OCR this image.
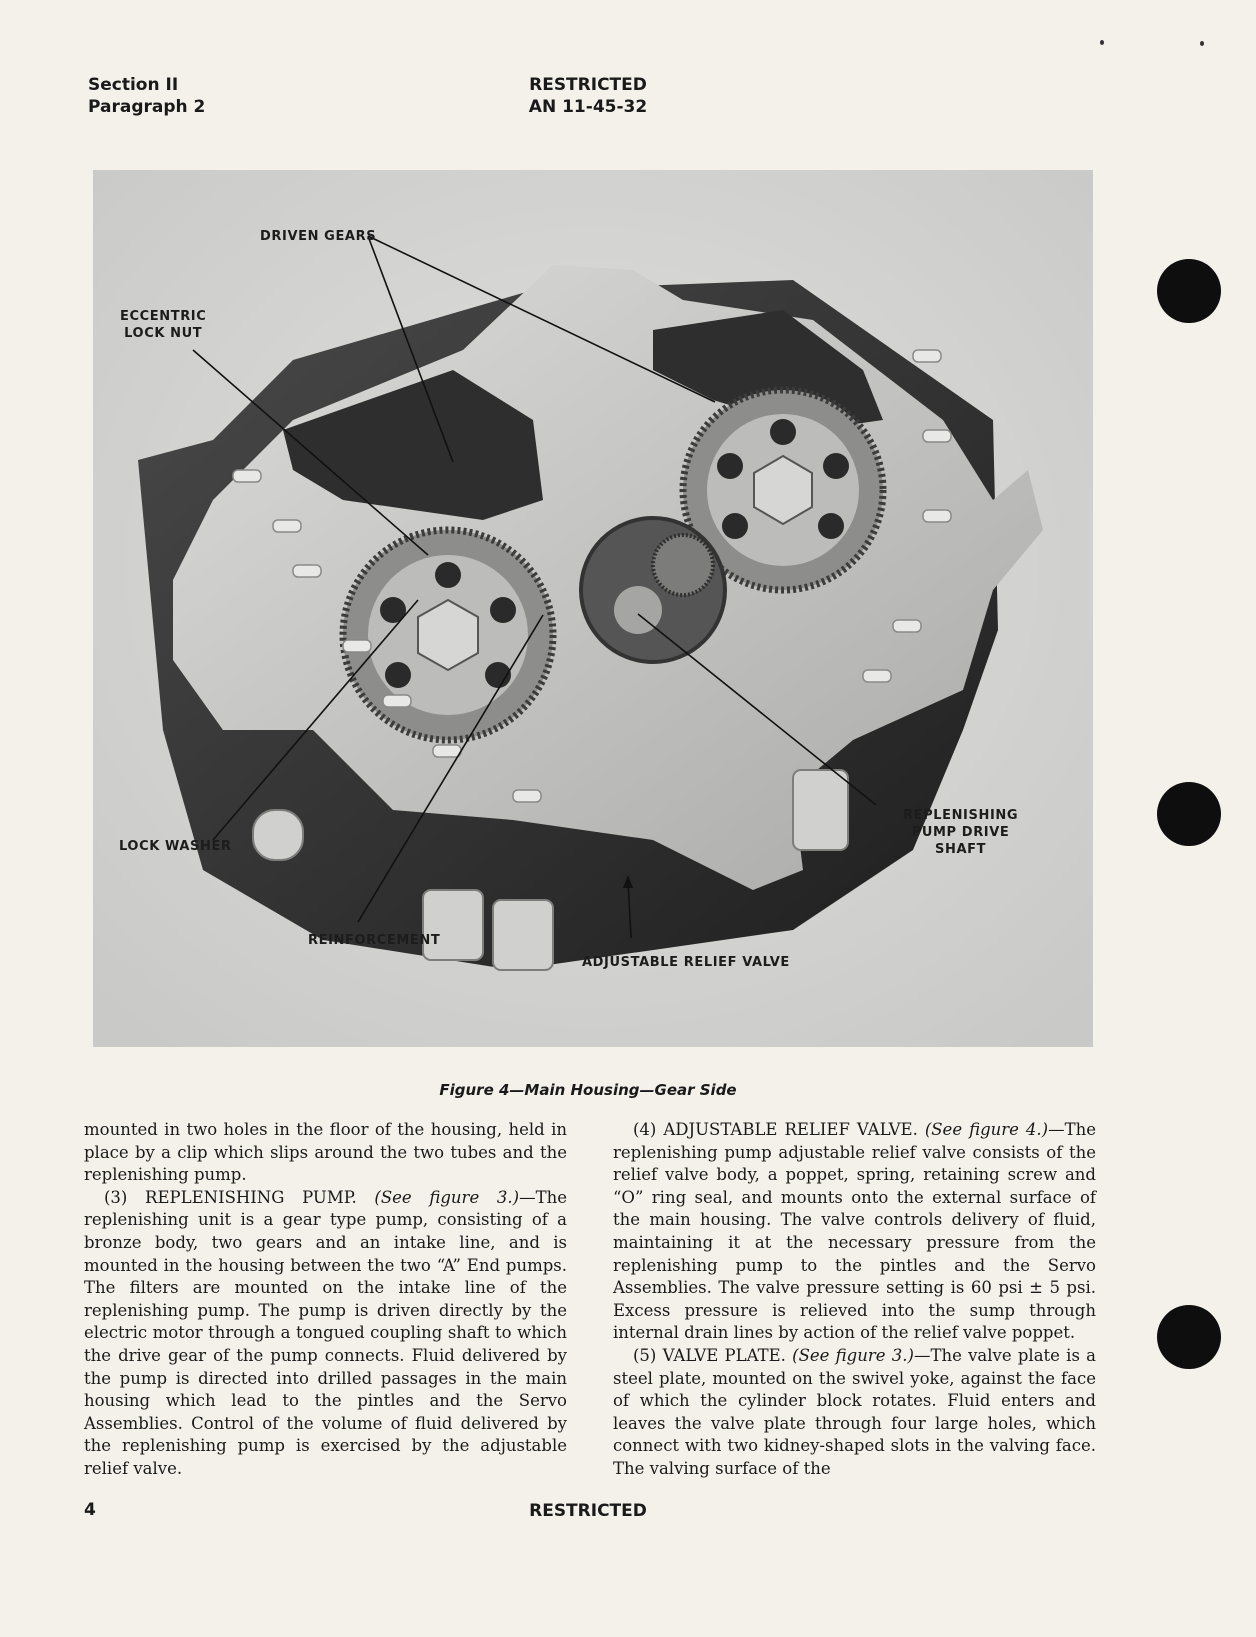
Section II
Paragraph 2
RESTRICTED
AN 11-45-32
DRIVEN GEARS
ECCENTRIC
LOCK NUT
LOCK WASHER
REINFORCEMENT
ADJUSTABLE RELIEF VALVE
REPLENISHING
PUMP DRIVE
SHAFT
Figure 4—Main Housing—Gear Side

mounted in two holes in the floor of the housing, held in place by a clip which slips around the two tubes and the replenishing pump.

(3) REPLENISHING PUMP. (See figure 3.)—The replenishing unit is a gear type pump, consisting of a bronze body, two gears and an intake line, and is mounted in the housing between the two “A” End pumps. The filters are mounted on the intake line of the replenishing pump. The pump is driven directly by the electric motor through a tongued coupling shaft to which the drive gear of the pump connects. Fluid delivered by the pump is directed into drilled passages in the main housing which lead to the pintles and the Servo Assemblies. Control of the volume of fluid delivered by the replenishing pump is exercised by the adjustable relief valve.

(4) ADJUSTABLE RELIEF VALVE. (See figure 4.)—The replenishing pump adjustable relief valve consists of the relief valve body, a poppet, spring, retaining screw and “O” ring seal, and mounts onto the external surface of the main housing. The valve controls delivery of fluid, maintaining it at the necessary pressure from the replenishing pump to the pintles and the Servo Assemblies. The valve pressure setting is 60 psi ± 5 psi. Excess pressure is relieved into the sump through internal drain lines by action of the relief valve poppet.

(5) VALVE PLATE. (See figure 3.)—The valve plate is a steel plate, mounted on the swivel yoke, against the face of which the cylinder block rotates. Fluid enters and leaves the valve plate through four large holes, which connect with two kidney-shaped slots in the valving face. The valving surface of the

4	RESTRICTED
